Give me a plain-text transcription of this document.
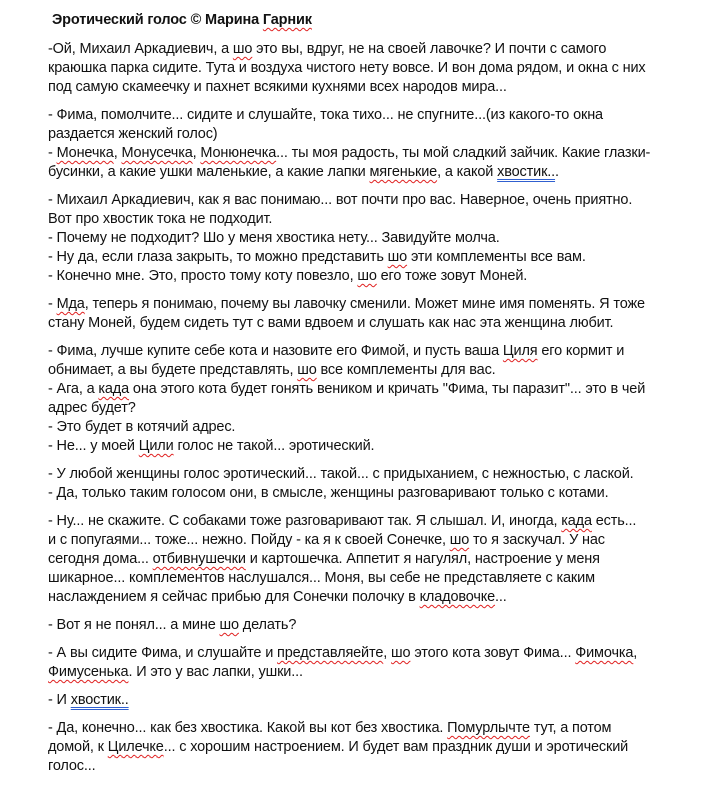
Эротический голос © Марина Гарник
-Ой, Михаил Аркадиевич, а шо это вы, вдруг, не на своей лавочке? И почти с самого
краюшка парка сидите. Тута и воздуха чистого нету вовсе. И вон дома рядом, и окна с них
под самую скамеечку и пахнет всякими кухнями всех народов мира...
- Фима, помолчите... сидите и слушайте, тока тихо... не спугните...(из какого-то окна
раздается женский голос)
- Монечка, Монусечка, Монюнечка... ты моя радость, ты мой сладкий зайчик. Какие глазки-
бусинки, а какие ушки маленькие, а какие лапки мягенькие, а какой хвостик...
- Михаил Аркадиевич, как я вас понимаю... вот почти про вас. Наверное, очень приятно.
Вот про хвостик тока не подходит.
- Почему не подходит? Шо у меня хвостика нету... Завидуйте молча.
- Ну да, если глаза закрыть, то можно представить шо эти комплементы все вам.
- Конечно мне. Это, просто тому коту повезло, шо его тоже зовут Моней.
- Мда, теперь я понимаю, почему вы лавочку сменили. Может мине имя поменять. Я тоже
стану Моней, будем сидеть тут с вами вдвоем и слушать как нас эта женщина любит.
- Фима, лучше купите себе кота и назовите его Фимой, и пусть ваша Циля его кормит и
обнимает, а вы будете представлять, шо все комплементы для вас.
- Ага, а када она этого кота будет гонять веником и кричать "Фима, ты паразит"... это в чей
адрес будет?
- Это будет в котячий адрес.
- Не... у моей Цили голос не такой... эротический.
- У любой женщины голос эротический... такой... с придыханием, с нежностью, с лаской.
- Да, только таким голосом они, в смысле, женщины разговаривают только с котами.
- Ну... не скажите. С собаками тоже разговаривают так. Я слышал. И, иногда, када есть...
и с попугаями... тоже... нежно. Пойду - ка я к своей Сонечке, шо то я заскучал. У нас
сегодня дома... отбивнушечки и картошечка. Аппетит я нагулял, настроение у меня
шикарное... комплементов наслушался... Моня, вы себе не представляете с каким
наслаждением я сейчас прибью для Сонечки полочку в кладовочке...
- Вот я не понял... а мине шо делать?
- А вы сидите Фима, и слушайте и представляейте, шо этого кота зовут Фима... Фимочка,
Фимусенька. И это у вас лапки, ушки...
- И хвостик..
- Да, конечно... как без хвостика. Какой вы кот без хвостика. Помурлычте тут, а потом
домой, к Цилечке... с хорошим настроением. И будет вам праздник души и эротический
голос...
